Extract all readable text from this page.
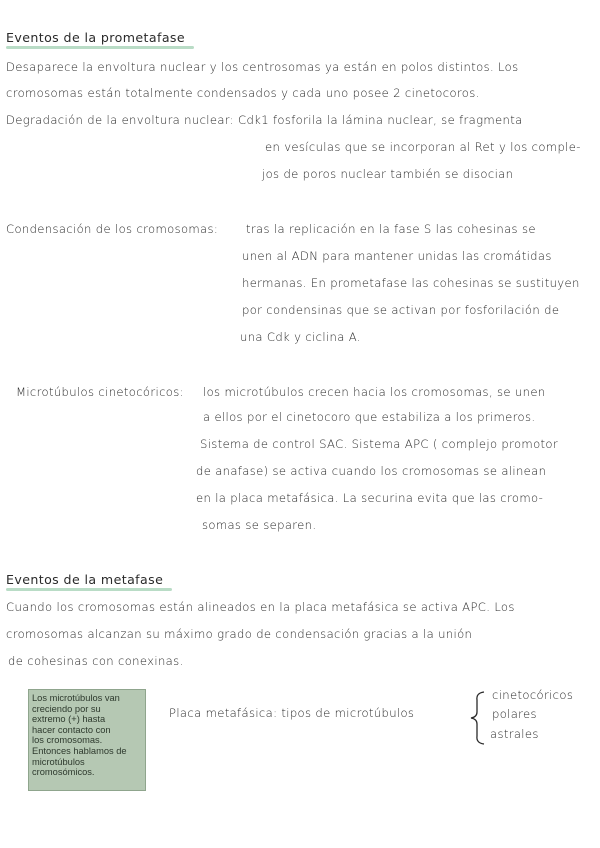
Eventos de la prometafase
Desaparece la envoltura nuclear y los centrosomas ya están en polos distintos. Los
cromosomas están totalmente condensados y cada uno posee 2 cinetocoros.
Degradación de la envoltura nuclear: Cdk1 fosforila la lámina nuclear, se fragmenta
en vesículas que se incorporan al Ret y los comple-
jos de poros nuclear también se disocian
Condensación de los cromosomas: tras la replicación en la fase S las cohesinas se
unen al ADN para mantener unidas las cromátidas
hermanas. En prometafase las cohesinas se sustituyen
por condensinas que se activan por fosforilación de
una Cdk y ciclina A.
Microtúbulos cinetocóricos: los microtúbulos crecen hacia los cromosomas, se unen
a ellos por el cinetocoro que estabiliza a los primeros.
Sistema de control SAC. Sistema APC ( complejo promotor
de anafase) se activa cuando los cromosomas se alinean
en la placa metafásica. La securina evita que las cromo-
somas se separen.
Eventos de la metafase
Cuando los cromosomas están alineados en la placa metafásica se activa APC. Los
cromosomas alcanzan su máximo grado de condensación gracias a la unión
de cohesinas con conexinas.
Los microtúbulos van
creciendo por su
extremo (+) hasta
hacer contacto con
los cromosomas.
Entonces hablamos de
microtúbulos
cromosómicos.
Placa metafásica: tipos de microtúbulos
cinetocóricos
polares
astrales
